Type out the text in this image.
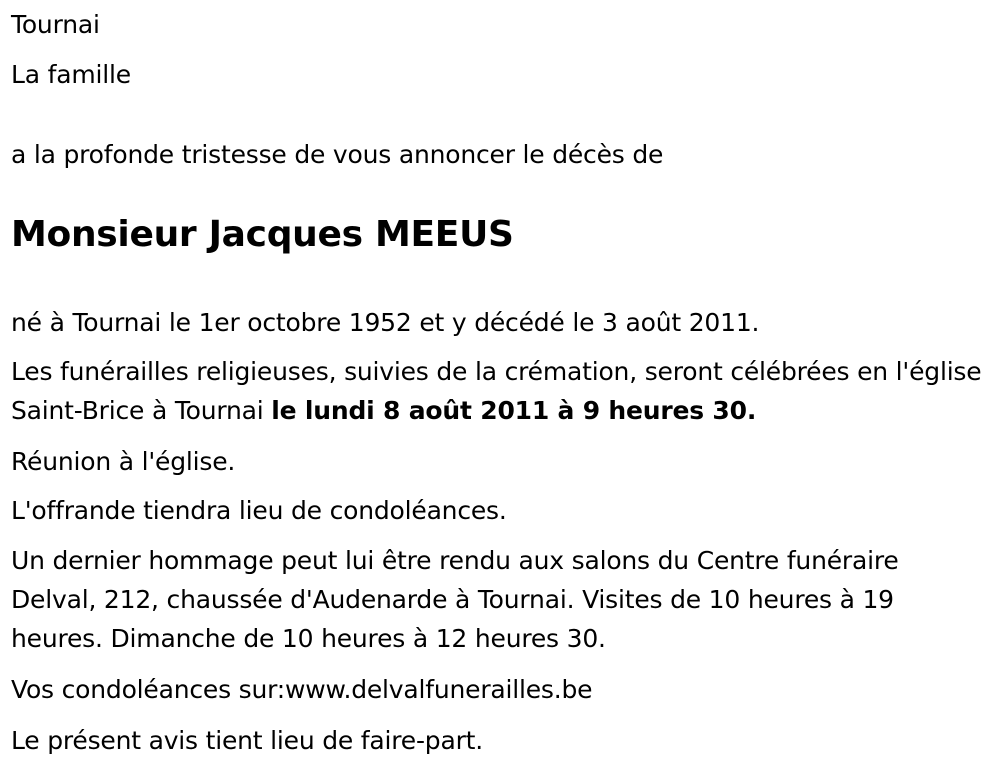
Tournai
La famille
a la profonde tristesse de vous annoncer le décès de
Monsieur Jacques MEEUS
né à Tournai le 1er octobre 1952 et y décédé le 3 août 2011.
Les funérailles religieuses, suivies de la crémation, seront célébrées en l'église Saint-Brice à Tournai le lundi 8 août 2011 à 9 heures 30.
Réunion à l'église.
L'offrande tiendra lieu de condoléances.
Un dernier hommage peut lui être rendu aux salons du Centre funéraire Delval, 212, chaussée d'Audenarde à Tournai. Visites de 10 heures à 19 heures. Dimanche de 10 heures à 12 heures 30.
Vos condoléances sur:www.delvalfunerailles.be
Le présent avis tient lieu de faire-part.
